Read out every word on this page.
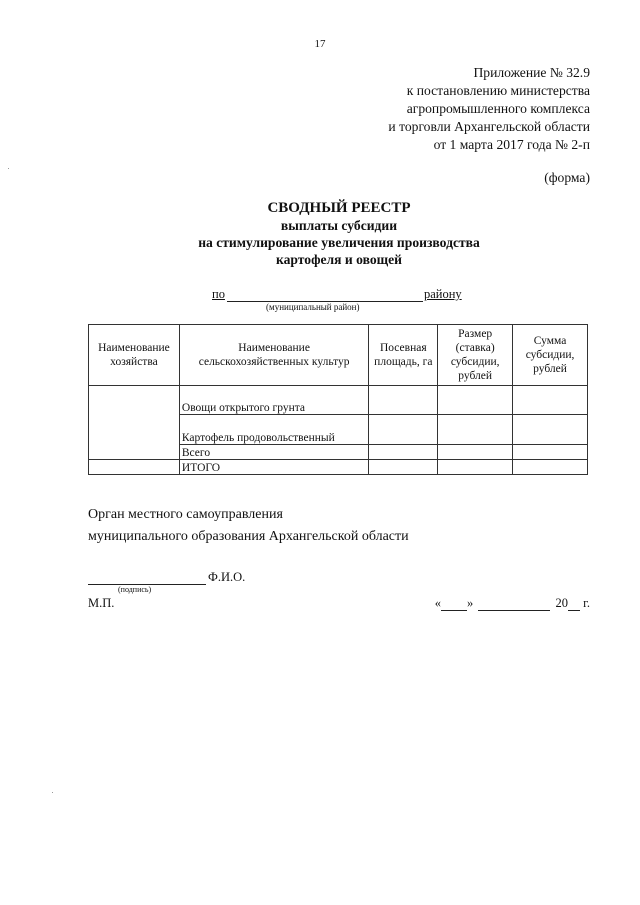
17
Приложение № 32.9
к постановлению министерства
агропромышленного комплекса
и торговли Архангельской области
от 1 марта 2017 года № 2-п
(форма)
СВОДНЫЙ РЕЕСТР
выплаты субсидии
на стимулирование увеличения производства
картофеля и овощей
по	району
(муниципальный район)
Наименование хозяйства	Наименование сельскохозяйственных культур	Посевная площадь, га	Размер (ставка) субсидии, рублей	Сумма субсидии, рублей
	Овощи открытого грунта			
	Картофель продовольственный			
	Всего			
	ИТОГО			
Орган местного самоуправления
муниципального образования Архангельской области
Ф.И.О.
(подпись)
М.П.	« »	20 г.
